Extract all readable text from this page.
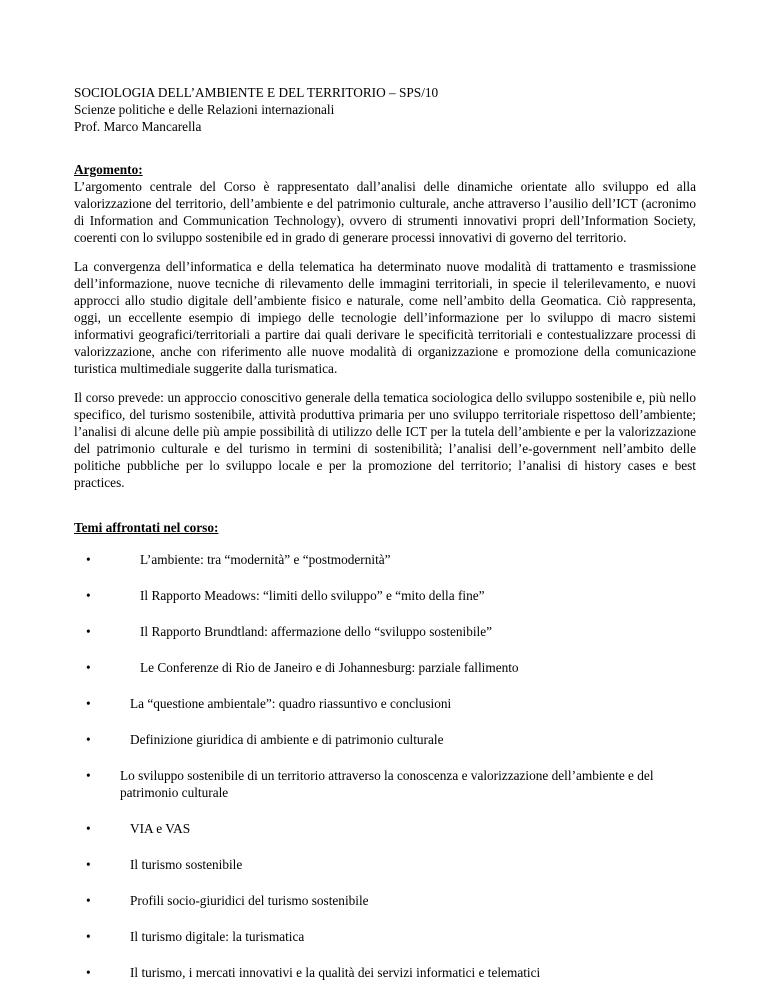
SOCIOLOGIA DELL’AMBIENTE E DEL TERRITORIO – SPS/10
Scienze politiche e delle Relazioni internazionali
Prof. Marco Mancarella
Argomento:

L’argomento centrale del Corso è rappresentato dall’analisi delle dinamiche orientate allo sviluppo ed alla valorizzazione del territorio, dell’ambiente e del patrimonio culturale, anche attraverso l’ausilio dell’ICT (acronimo di Information and Communication Technology), ovvero di strumenti innovativi propri dell’Information Society, coerenti con lo sviluppo sostenibile ed in grado di generare processi innovativi di governo del territorio.

La convergenza dell’informatica e della telematica ha determinato nuove modalità di trattamento e trasmissione dell’informazione, nuove tecniche di rilevamento delle immagini territoriali, in specie il telerilevamento, e nuovi approcci allo studio digitale dell’ambiente fisico e naturale, come nell’ambito della Geomatica. Ciò rappresenta, oggi, un eccellente esempio di impiego delle tecnologie dell’informazione per lo sviluppo di macro sistemi informativi geografici/territoriali a partire dai quali derivare le specificità territoriali e contestualizzare processi di valorizzazione, anche con riferimento alle nuove modalità di organizzazione e promozione della comunicazione turistica multimediale suggerite dalla turismatica.

Il corso prevede: un approccio conoscitivo generale della tematica sociologica dello sviluppo sostenibile e, più nello specifico, del turismo sostenibile, attività produttiva primaria per uno sviluppo territoriale rispettoso dell’ambiente; l’analisi di alcune delle più ampie possibilità di utilizzo delle ICT per la tutela dell’ambiente e per la valorizzazione del patrimonio culturale e del turismo in termini di sostenibilità; l’analisi dell’e-government nell’ambito delle politiche pubbliche per lo sviluppo locale e per la promozione del territorio; l’analisi di history cases e best practices.

Temi affrontati nel corso:
•	L’ambiente: tra “modernità” e “postmodernità”
•	Il Rapporto Meadows: “limiti dello sviluppo” e “mito della fine”
•	Il Rapporto Brundtland: affermazione dello “sviluppo sostenibile”
•	Le Conferenze di Rio de Janeiro e di Johannesburg: parziale fallimento
•	La “questione ambientale”: quadro riassuntivo e conclusioni
•	Definizione giuridica di ambiente e di patrimonio culturale
• Lo sviluppo sostenibile di un territorio attraverso la conoscenza e valorizzazione dell’ambiente e del patrimonio culturale
•	VIA e VAS
•	Il turismo sostenibile
•	Profili socio-giuridici del turismo sostenibile
•	Il turismo digitale: la turismatica
•	Il turismo, i mercati innovativi e la qualità dei servizi informatici e telematici
